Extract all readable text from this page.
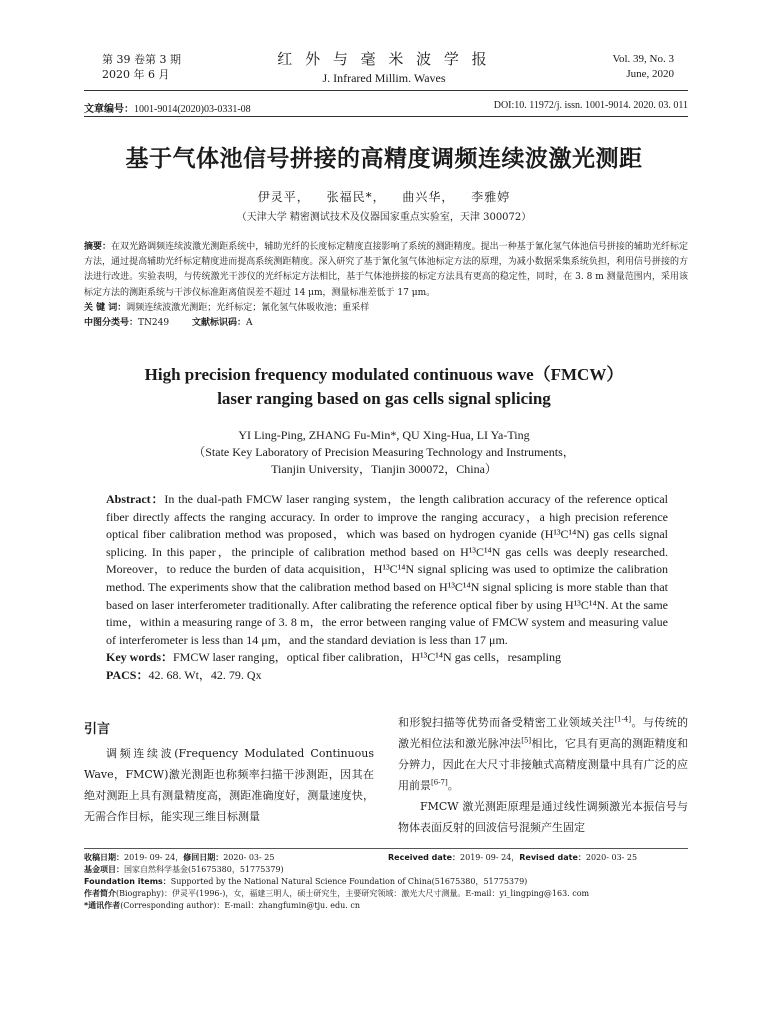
第 39 卷第 3 期
2020 年 6 月
红 外 与 毫 米 波 学 报
J. Infrared Millim. Waves
Vol. 39, No. 3
June, 2020
文章编号：1001-9014(2020)03-0331-08	DOI:10. 11972/j. issn. 1001-9014. 2020. 03. 011
基于气体池信号拼接的高精度调频连续波激光测距
伊灵平， 张福民*， 曲兴华， 李雅婷
（天津大学 精密测试技术及仪器国家重点实验室，天津 300072）
摘要：在双光路调频连续波激光测距系统中，辅助光纤的长度标定精度直接影响了系统的测距精度。提出一种基于氰化氢气体池信号拼接的辅助光纤标定方法，通过提高辅助光纤标定精度进而提高系统测距精度。深入研究了基于氰化氢气体池标定方法的原理，为减小数据采集系统负担，利用信号拼接的方法进行改进。实验表明，与传统激光干涉仪的光纤标定方法相比，基于气体池拼接的标定方法具有更高的稳定性，同时，在 3. 8 m 测量范围内，采用该标定方法的测距系统与干涉仪标准距离值误差不超过 14 μm，测量标准差低于 17 μm。
关 键 词：调频连续波激光测距；光纤标定；氰化氢气体吸收池；重采样
中图分类号：TN249	文献标识码：A
High precision frequency modulated continuous wave（FMCW）
laser ranging based on gas cells signal splicing
YI Ling-Ping, ZHANG Fu-Min*, QU Xing-Hua, LI Ya-Ting
（State Key Laboratory of Precision Measuring Technology and Instruments，
Tianjin University，Tianjin 300072，China）
Abstract：In the dual-path FMCW laser ranging system，the length calibration accuracy of the reference optical fiber directly affects the ranging accuracy. In order to improve the ranging accuracy，a high precision reference optical fiber calibration method was proposed，which was based on hydrogen cyanide (H¹³C¹⁴N) gas cells signal splicing. In this paper，the principle of calibration method based on H¹³C¹⁴N gas cells was deeply researched. Moreover，to reduce the burden of data acquisition，H¹³C¹⁴N signal splicing was used to optimize the calibration method. The experiments show that the calibration method based on H¹³C¹⁴N signal splicing is more stable than that based on laser interferometer traditionally. After calibrating the reference optical fiber by using H¹³C¹⁴N. At the same time，within a measuring range of 3. 8 m，the error between ranging value of FMCW system and measuring value of interferometer is less than 14 μm，and the standard deviation is less than 17 μm.
Key words：FMCW laser ranging，optical fiber calibration，H¹³C¹⁴N gas cells，resampling
PACS：42. 68. Wt，42. 79. Qx
引言

调频连续波(Frequency Modulated Continuous Wave，FMCW)激光测距也称频率扫描干涉测距，因其在绝对测距上具有测量精度高，测距准确度好，测量速度快，无需合作目标，能实现三维目标测量

和形貌扫描等优势而备受精密工业领域关注[1-4]。与传统的激光相位法和激光脉冲法[5]相比，它具有更高的测距精度和分辨力，因此在大尺寸非接触式高精度测量中具有广泛的应用前景[6-7]。

FMCW 激光测距原理是通过线性调频激光本振信号与物体表面反射的回波信号混频产生固定

收稿日期：2019- 09- 24，修回日期：2020- 03- 25	Received date：2019- 09- 24，Revised date：2020- 03- 25
基金项目：国家自然科学基金(51675380，51775379)
Foundation items：Supported by the National Natural Science Foundation of China(51675380，51775379)
作者简介(Biography)：伊灵平(1996-)，女，福建三明人，硕士研究生，主要研究领域：激光大尺寸测量。E-mail：yi_lingping@163. com
*通讯作者(Corresponding author)：E-mail：zhangfumin@tju. edu. cn
